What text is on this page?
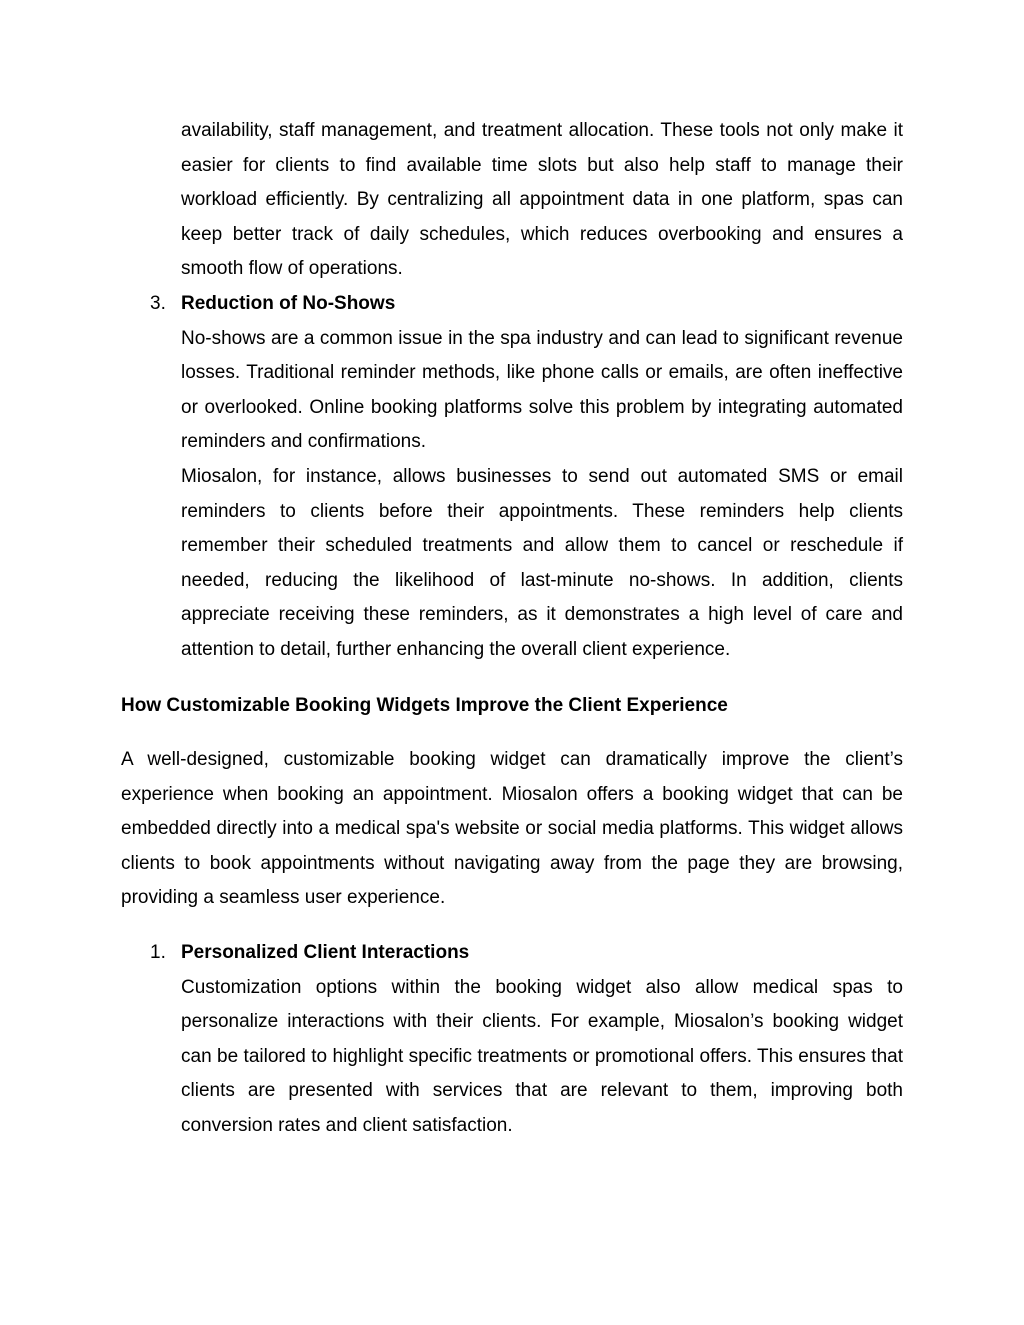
availability, staff management, and treatment allocation. These tools not only make it easier for clients to find available time slots but also help staff to manage their workload efficiently. By centralizing all appointment data in one platform, spas can keep better track of daily schedules, which reduces overbooking and ensures a smooth flow of operations.

3. Reduction of No-Shows

No-shows are a common issue in the spa industry and can lead to significant revenue losses. Traditional reminder methods, like phone calls or emails, are often ineffective or overlooked. Online booking platforms solve this problem by integrating automated reminders and confirmations.

Miosalon, for instance, allows businesses to send out automated SMS or email reminders to clients before their appointments. These reminders help clients remember their scheduled treatments and allow them to cancel or reschedule if needed, reducing the likelihood of last-minute no-shows. In addition, clients appreciate receiving these reminders, as it demonstrates a high level of care and attention to detail, further enhancing the overall client experience.

How Customizable Booking Widgets Improve the Client Experience

A well-designed, customizable booking widget can dramatically improve the client’s experience when booking an appointment. Miosalon offers a booking widget that can be embedded directly into a medical spa's website or social media platforms. This widget allows clients to book appointments without navigating away from the page they are browsing, providing a seamless user experience.

1. Personalized Client Interactions

Customization options within the booking widget also allow medical spas to personalize interactions with their clients. For example, Miosalon’s booking widget can be tailored to highlight specific treatments or promotional offers. This ensures that clients are presented with services that are relevant to them, improving both conversion rates and client satisfaction.
